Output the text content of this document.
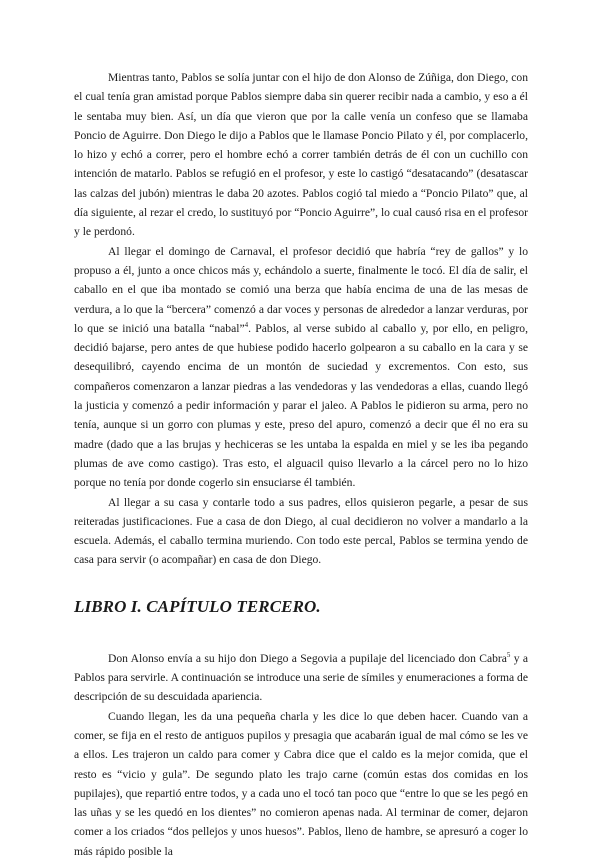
Mientras tanto, Pablos se solía juntar con el hijo de don Alonso de Zúñiga, don Diego, con el cual tenía gran amistad porque Pablos siempre daba sin querer recibir nada a cambio, y eso a él le sentaba muy bien. Así, un día que vieron que por la calle venía un confeso que se llamaba Poncio de Aguirre. Don Diego le dijo a Pablos que le llamase Poncio Pilato y él, por complacerlo, lo hizo y echó a correr, pero el hombre echó a correr también detrás de él con un cuchillo con intención de matarlo. Pablos se refugió en el profesor, y este lo castigó “desatacando” (desatascar las calzas del jubón) mientras le daba 20 azotes. Pablos cogió tal miedo a “Poncio Pilato” que, al día siguiente, al rezar el credo, lo sustituyó por “Poncio Aguirre”, lo cual causó risa en el profesor y le perdonó.

Al llegar el domingo de Carnaval, el profesor decidió que habría “rey de gallos” y lo propuso a él, junto a once chicos más y, echándolo a suerte, finalmente le tocó. El día de salir, el caballo en el que iba montado se comió una berza que había encima de una de las mesas de verdura, a lo que la “bercera” comenzó a dar voces y personas de alrededor a lanzar verduras, por lo que se inició una batalla “nabal”$^4$. Pablos, al verse subido al caballo y, por ello, en peligro, decidió bajarse, pero antes de que hubiese podido hacerlo golpearon a su caballo en la cara y se desequilibró, cayendo encima de un montón de suciedad y excrementos. Con esto, sus compañeros comenzaron a lanzar piedras a las vendedoras y las vendedoras a ellas, cuando llegó la justicia y comenzó a pedir información y parar el jaleo. A Pablos le pidieron su arma, pero no tenía, aunque si un gorro con plumas y este, preso del apuro, comenzó a decir que él no era su madre (dado que a las brujas y hechiceras se les untaba la espalda en miel y se les iba pegando plumas de ave como castigo). Tras esto, el alguacil quiso llevarlo a la cárcel pero no lo hizo porque no tenía por donde cogerlo sin ensuciarse él también.

Al llegar a su casa y contarle todo a sus padres, ellos quisieron pegarle, a pesar de sus reiteradas justificaciones. Fue a casa de don Diego, al cual decidieron no volver a mandarlo a la escuela. Además, el caballo termina muriendo. Con todo este percal, Pablos se termina yendo de casa para servir (o acompañar) en casa de don Diego.

LIBRO I. CAPÍTULO TERCERO.

Don Alonso envía a su hijo don Diego a Segovia a pupilaje del licenciado don Cabra$^5$ y a Pablos para servirle. A continuación se introduce una serie de símiles y enumeraciones a forma de descripción de su descuidada apariencia.

Cuando llegan, les da una pequeña charla y les dice lo que deben hacer. Cuando van a comer, se fija en el resto de antiguos pupilos y presagia que acabarán igual de mal cómo se les ve a ellos. Les trajeron un caldo para comer y Cabra dice que el caldo es la mejor comida, que el resto es “vicio y gula”. De segundo plato les trajo carne (común estas dos comidas en los pupilajes), que repartió entre todos, y a cada uno el tocó tan poco que “entre lo que se les pegó en las uñas y se les quedó en los dientes” no comieron apenas nada. Al terminar de comer, dejaron comer a los criados “dos pellejos y unos huesos”. Pablos, lleno de hambre, se apresuró a coger lo más rápido posible la
